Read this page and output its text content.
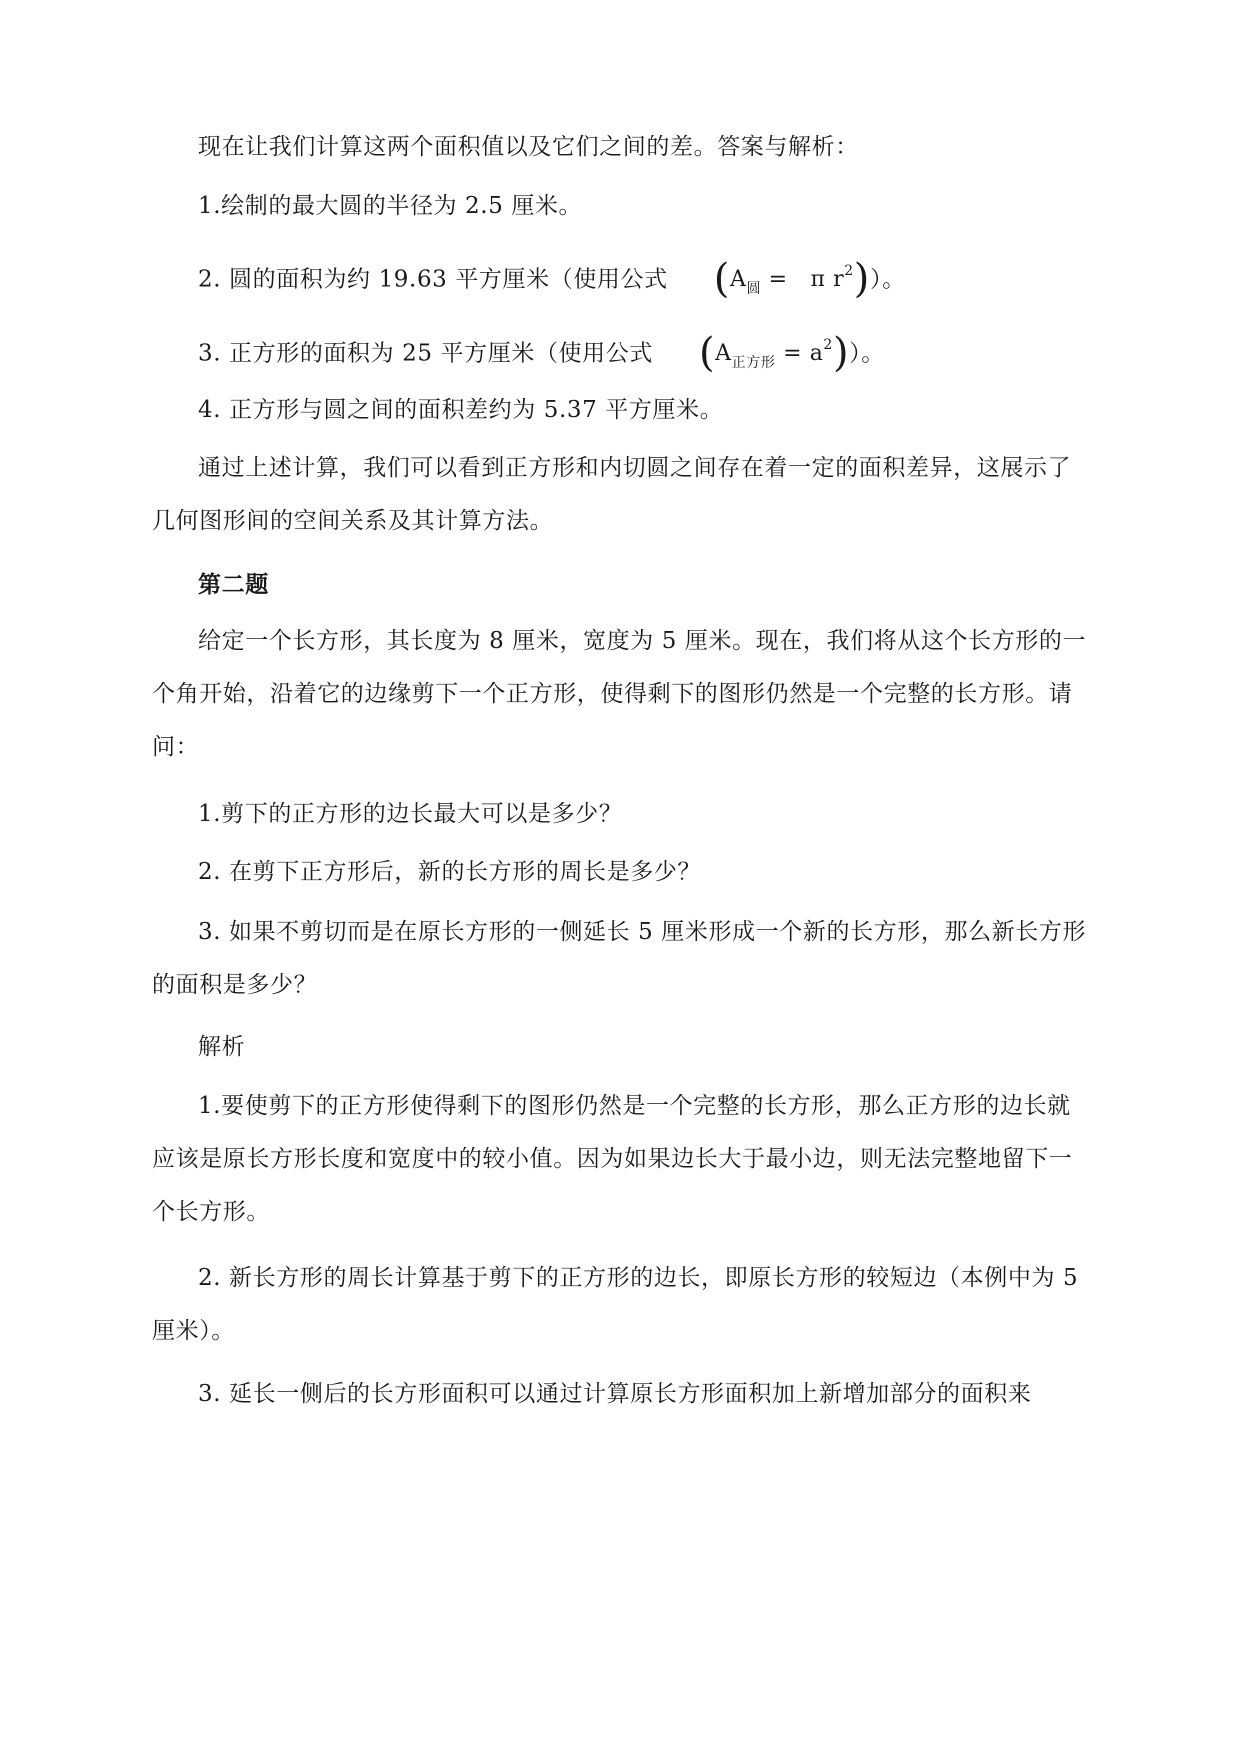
现在让我们计算这两个面积值以及它们之间的差。答案与解析：

1.绘制的最大圆的半径为 2.5 厘米。

2. 圆的面积为约 19.63 平方厘米（使用公式 ($A_圆 = \pi$ $r^2$)）。

3. 正方形的面积为 25 平方厘米（使用公式 $(A_{正方形} = a^2)$）。

4. 正方形与圆之间的面积差约为 5.37 平方厘米。

通过上述计算，我们可以看到正方形和内切圆之间存在着一定的面积差异，这展示了几何图形间的空间关系及其计算方法。

第二题

给定一个长方形，其长度为 8 厘米，宽度为 5 厘米。现在，我们将从这个长方形的一个角开始，沿着它的边缘剪下一个正方形，使得剩下的图形仍然是一个完整的长方形。请问：

1.剪下的正方形的边长最大可以是多少？

2. 在剪下正方形后，新的长方形的周长是多少？

3. 如果不剪切而是在原长方形的一侧延长 5 厘米形成一个新的长方形，那么新长方形的面积是多少？

解析

1.要使剪下的正方形使得剩下的图形仍然是一个完整的长方形，那么正方形的边长就应该是原长方形长度和宽度中的较小值。因为如果边长大于最小边，则无法完整地留下一个长方形。

2. 新长方形的周长计算基于剪下的正方形的边长，即原长方形的较短边（本例中为 5 厘米）。

3. 延长一侧后的长方形面积可以通过计算原长方形面积加上新增加部分的面积来
